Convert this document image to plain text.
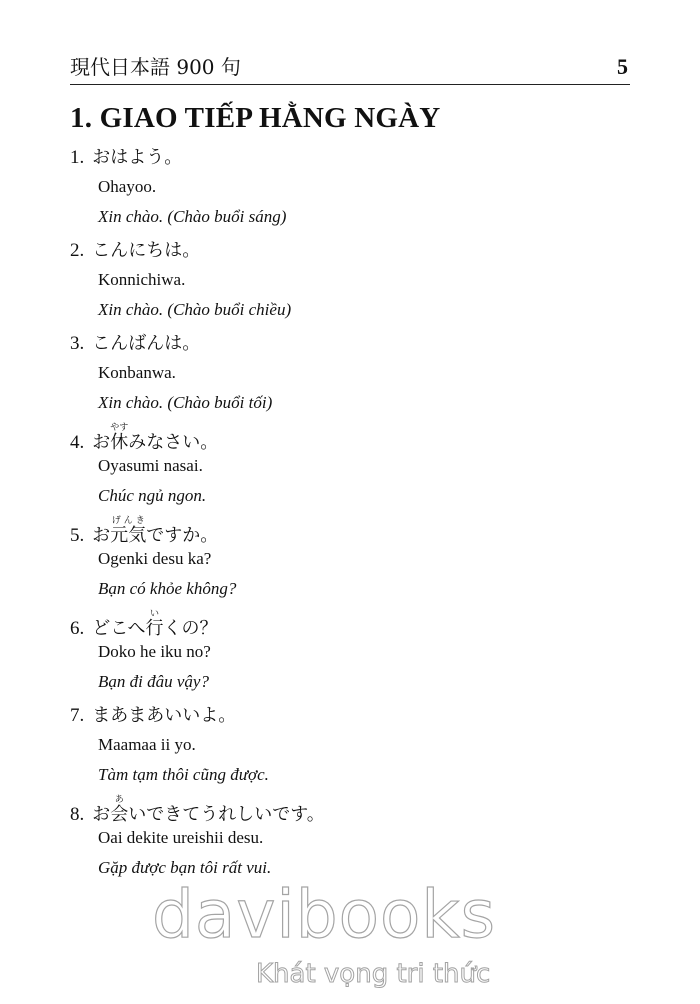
現代日本語 900 句	5
1. GIAO TIẾP HẰNG NGÀY
1. おはよう。
Ohayoo.
Xin chào. (Chào buổi sáng)
2. こんにちは。
Konnichiwa.
Xin chào. (Chào buổi chiều)
3. こんばんは。
Konbanwa.
Xin chào. (Chào buổi tối)
4. お休やすみなさい。
Oyasumi nasai.
Chúc ngủ ngon.
5. お元気げんきですか。
Ogenki desu ka?
Bạn có khỏe không?
6. どこへ行いくの？
Doko he iku no?
Bạn đi đâu vậy?
7. まあまあいいよ。
Maamaa ii yo.
Tàm tạm thôi cũng được.
8. お会あいできてうれしいです。
Oai dekite ureishii desu.
Gặp được bạn tôi rất vui.
davibooks
Khát vọng tri thức
